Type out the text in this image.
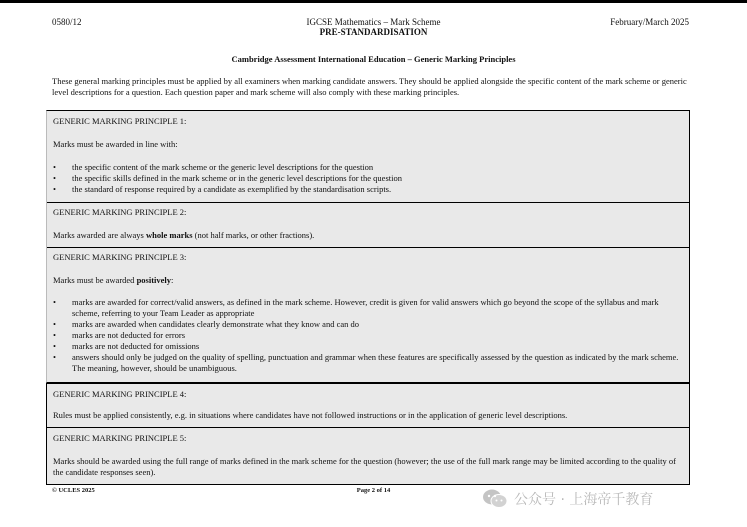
0580/12	IGCSE Mathematics – Mark Scheme
PRE-STANDARDISATION
February/March 2025
Cambridge Assessment International Education – Generic Marking Principles
These general marking principles must be applied by all examiners when marking candidate answers. They should be applied alongside the specific content of the mark scheme or generic level descriptions for a question. Each question paper and mark scheme will also comply with these marking principles.
GENERIC MARKING PRINCIPLE 1:
Marks must be awarded in line with:
• the specific content of the mark scheme or the generic level descriptions for the question
• the specific skills defined in the mark scheme or in the generic level descriptions for the question
• the standard of response required by a candidate as exemplified by the standardisation scripts.
GENERIC MARKING PRINCIPLE 2:
Marks awarded are always whole marks (not half marks, or other fractions).
GENERIC MARKING PRINCIPLE 3:
Marks must be awarded positively:
• marks are awarded for correct/valid answers, as defined in the mark scheme. However, credit is given for valid answers which go beyond the scope of the syllabus and mark scheme, referring to your Team Leader as appropriate
• marks are awarded when candidates clearly demonstrate what they know and can do
• marks are not deducted for errors
• marks are not deducted for omissions
• answers should only be judged on the quality of spelling, punctuation and grammar when these features are specifically assessed by the question as indicated by the mark scheme. The meaning, however, should be unambiguous.
GENERIC MARKING PRINCIPLE 4:
Rules must be applied consistently, e.g. in situations where candidates have not followed instructions or in the application of generic level descriptions.
GENERIC MARKING PRINCIPLE 5:
Marks should be awarded using the full range of marks defined in the mark scheme for the question (however; the use of the full mark range may be limited according to the quality of the candidate responses seen).
© UCLES 2025	Page 2 of 14
公众号 · 上海帝千教育
